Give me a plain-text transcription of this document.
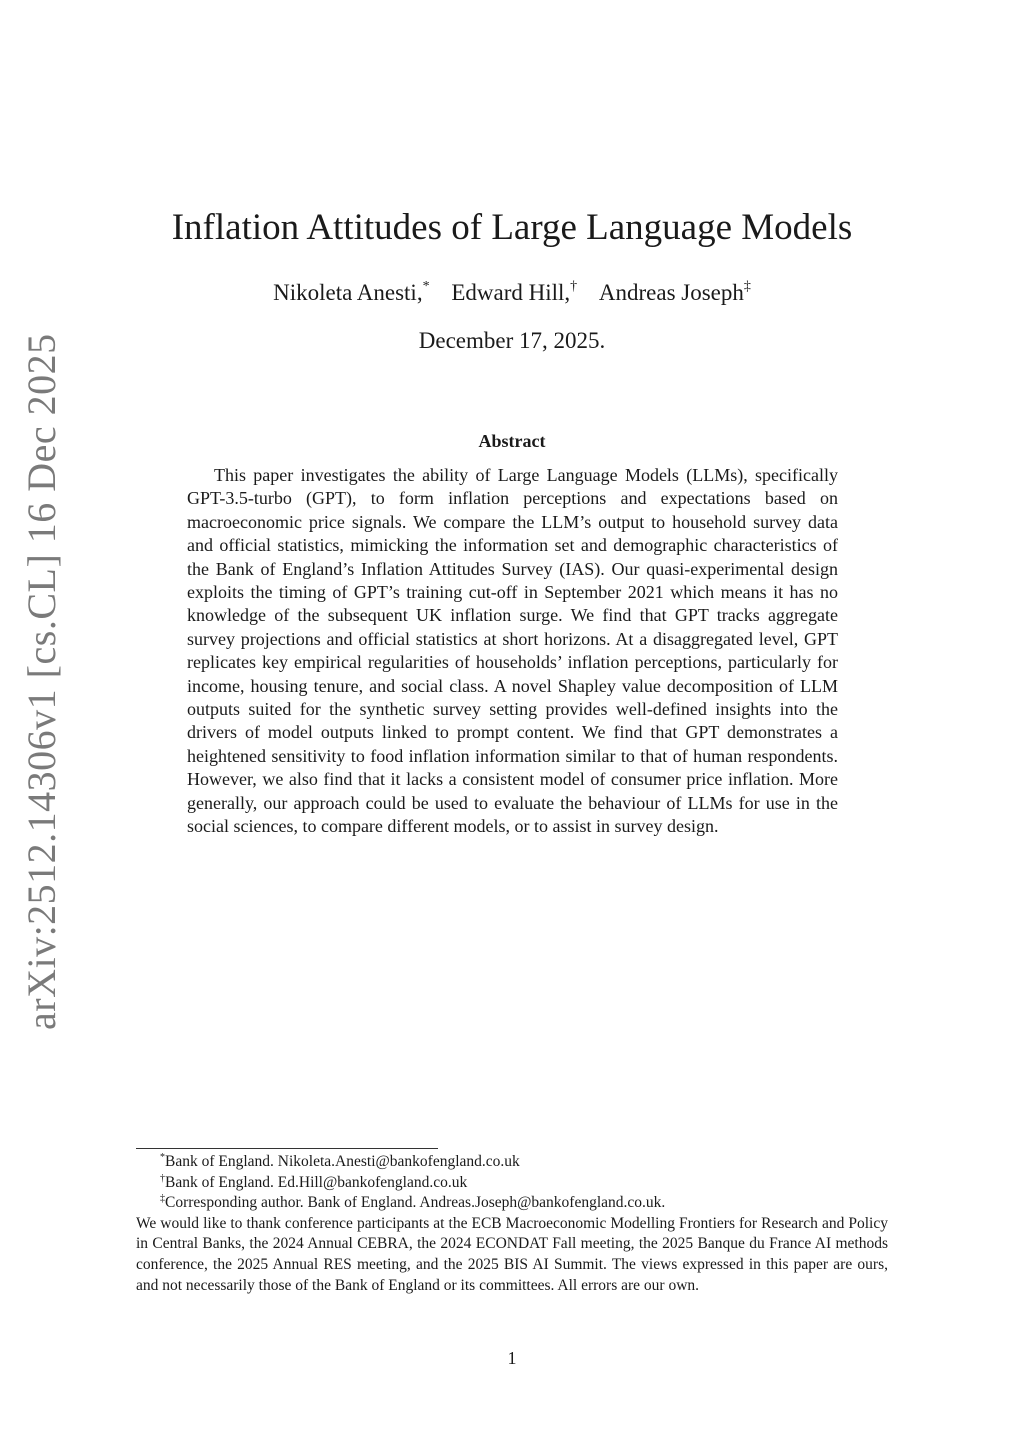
arXiv:2512.14306v1 [cs.CL] 16 Dec 2025
Inflation Attitudes of Large Language Models
Nikoleta Anesti,* Edward Hill,† Andreas Joseph‡
December 17, 2025.
Abstract
This paper investigates the ability of Large Language Models (LLMs), specifically GPT-3.5-turbo (GPT), to form inflation perceptions and expectations based on macroeconomic price signals. We compare the LLM’s output to household survey data and official statistics, mimicking the information set and demographic characteristics of the Bank of England’s Inflation Attitudes Survey (IAS). Our quasi-experimental design exploits the timing of GPT’s training cut-off in September 2021 which means it has no knowledge of the subsequent UK inflation surge. We find that GPT tracks aggregate survey projections and official statistics at short horizons. At a disaggregated level, GPT replicates key empirical regularities of households’ inflation perceptions, particularly for income, housing tenure, and social class. A novel Shapley value decomposition of LLM outputs suited for the synthetic survey setting provides well-defined insights into the drivers of model outputs linked to prompt content. We find that GPT demonstrates a heightened sensitivity to food inflation information similar to that of human respondents. However, we also find that it lacks a consistent model of consumer price inflation. More generally, our approach could be used to evaluate the behaviour of LLMs for use in the social sciences, to compare different models, or to assist in survey design.
*Bank of England. Nikoleta.Anesti@bankofengland.co.uk
†Bank of England. Ed.Hill@bankofengland.co.uk
‡Corresponding author. Bank of England. Andreas.Joseph@bankofengland.co.uk.
We would like to thank conference participants at the ECB Macroeconomic Modelling Frontiers for Research and Policy in Central Banks, the 2024 Annual CEBRA, the 2024 ECONDAT Fall meeting, the 2025 Banque du France AI methods conference, the 2025 Annual RES meeting, and the 2025 BIS AI Summit. The views expressed in this paper are ours, and not necessarily those of the Bank of England or its committees. All errors are our own.
1
